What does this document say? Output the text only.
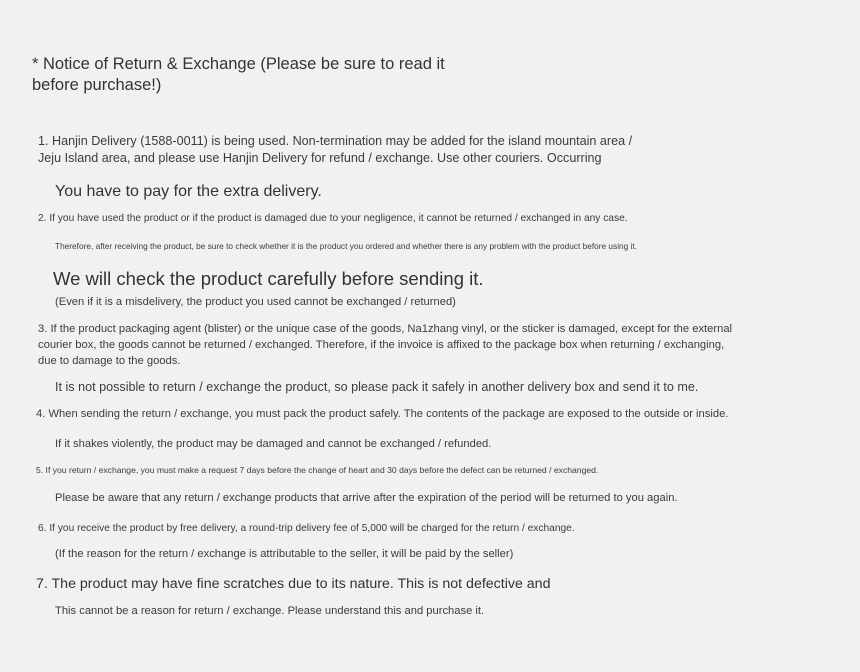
* Notice of Return & Exchange (Please be sure to read it

before purchase!)

1. Hanjin Delivery (1588-0011) is being used. Non-termination may be added for the island mountain area /

Jeju Island area, and please use Hanjin Delivery for refund / exchange. Use other couriers. Occurring

You have to pay for the extra delivery.

2. If you have used the product or if the product is damaged due to your negligence, it cannot be returned / exchanged in any case.

Therefore, after receiving the product, be sure to check whether it is the product you ordered and whether there is any problem with the product before using it.

We will check the product carefully before sending it.

(Even if it is a misdelivery, the product you used cannot be exchanged / returned)

3. If the product packaging agent (blister) or the unique case of the goods, Na1zhang vinyl, or the sticker is damaged, except for the external

courier box, the goods cannot be returned / exchanged. Therefore, if the invoice is affixed to the package box when returning / exchanging,

due to damage to the goods.

It is not possible to return / exchange the product, so please pack it safely in another delivery box and send it to me.

4. When sending the return / exchange, you must pack the product safely. The contents of the package are exposed to the outside or inside.

If it shakes violently, the product may be damaged and cannot be exchanged / refunded.

5. If you return / exchange, you must make a request 7 days before the change of heart and 30 days before the defect can be returned / exchanged.

Please be aware that any return / exchange products that arrive after the expiration of the period will be returned to you again.

6. If you receive the product by free delivery, a round-trip delivery fee of 5,000 will be charged for the return / exchange.

(If the reason for the return / exchange is attributable to the seller, it will be paid by the seller)

7. The product may have fine scratches due to its nature. This is not defective and

This cannot be a reason for return / exchange. Please understand this and purchase it.
